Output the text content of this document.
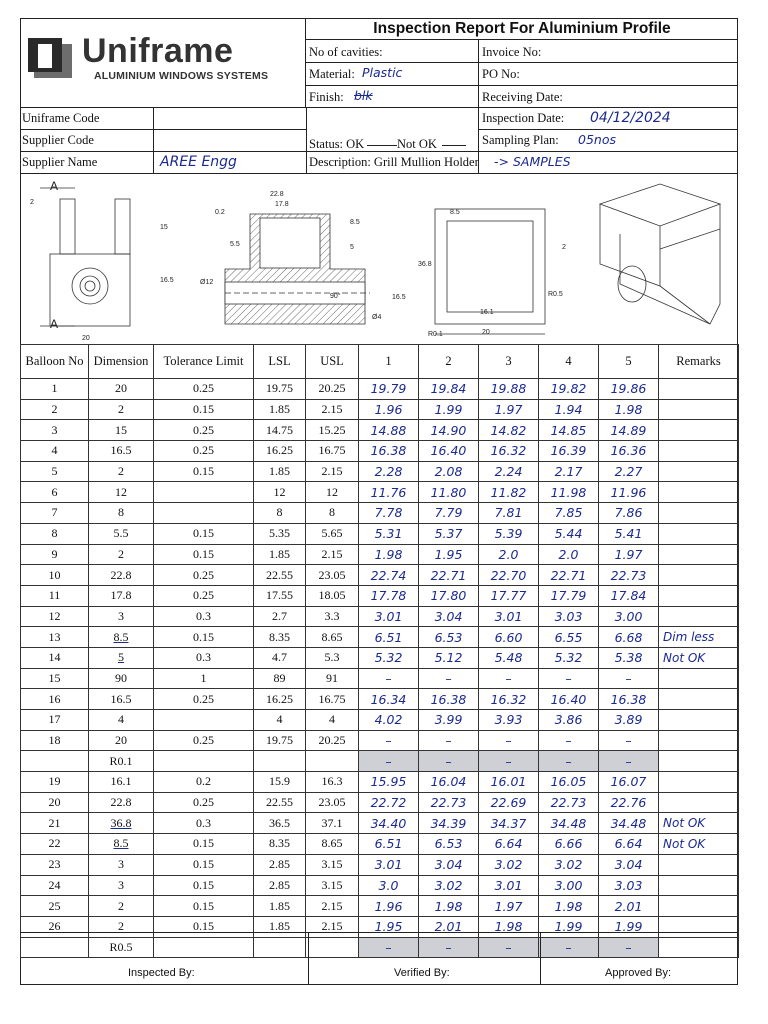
Uniframe
ALUMINIUM WINDOWS SYSTEMS
Inspection Report For Aluminium Profile
No of cavities:	Invoice No:
Material: Plastic	PO No:
Finish: blk	Receiving Date:
Uniframe Code	Inspection Date: 04/12/2024
Supplier Code	Status: OK	Not OK	Sampling Plan: 05nos
Supplier Name	AREE Engg	Description: Grill Mullion Holder -> SAMPLES
A
A
20
2
15
16.5
22.8
17.8
Ø12
8.5
5
5.5
0.2
90°	16.5
Ø4
16.1
20
2
R0.5
36.8
8.5
R0.1
Balloon No	Dimension	Tolerance Limit	LSL	USL	1	2	3	4	5	Remarks
1	20	0.25	19.75	20.25	19.79	19.84	19.88	19.82	19.86	
2	2	0.15	1.85	2.15	1.96	1.99	1.97	1.94	1.98	
3	15	0.25	14.75	15.25	14.88	14.90	14.82	14.85	14.89	
4	16.5	0.25	16.25	16.75	16.38	16.40	16.32	16.39	16.36	
5	2	0.15	1.85	2.15	2.28	2.08	2.24	2.17	2.27	
6	12		12	12	11.76	11.80	11.82	11.98	11.96	
7	8		8	8	7.78	7.79	7.81	7.85	7.86	
8	5.5	0.15	5.35	5.65	5.31	5.37	5.39	5.44	5.41	
9	2	0.15	1.85	2.15	1.98	1.95	2.0	2.0	1.97	
10	22.8	0.25	22.55	23.05	22.74	22.71	22.70	22.71	22.73	
11	17.8	0.25	17.55	18.05	17.78	17.80	17.77	17.79	17.84	
12	3	0.3	2.7	3.3	3.01	3.04	3.01	3.03	3.00	
13	8.5	0.15	8.35	8.65	6.51	6.53	6.60	6.55	6.68	Dim less
14	5	0.3	4.7	5.3	5.32	5.12	5.48	5.32	5.38	Not OK
15	90	1	89	91	–	–	–	–	–	
16	16.5	0.25	16.25	16.75	16.34	16.38	16.32	16.40	16.38	
17	4		4	4	4.02	3.99	3.93	3.86	3.89	
18	20	0.25	19.75	20.25	–	–	–	–	–	
	R0.1				–	–	–	–	–	
19	16.1	0.2	15.9	16.3	15.95	16.04	16.01	16.05	16.07	
20	22.8	0.25	22.55	23.05	22.72	22.73	22.69	22.73	22.76	
21	36.8	0.3	36.5	37.1	34.40	34.39	34.37	34.48	34.48	Not OK
22	8.5	0.15	8.35	8.65	6.51	6.53	6.64	6.66	6.64	Not OK
23	3	0.15	2.85	3.15	3.01	3.04	3.02	3.02	3.04	
24	3	0.15	2.85	3.15	3.0	3.02	3.01	3.00	3.03	
25	2	0.15	1.85	2.15	1.96	1.98	1.97	1.98	2.01	
26	2	0.15	1.85	2.15	1.95	2.01	1.98	1.99	1.99	
	R0.5				–	–	–	–	–	
Inspected By:	Verified By:	Approved By:
